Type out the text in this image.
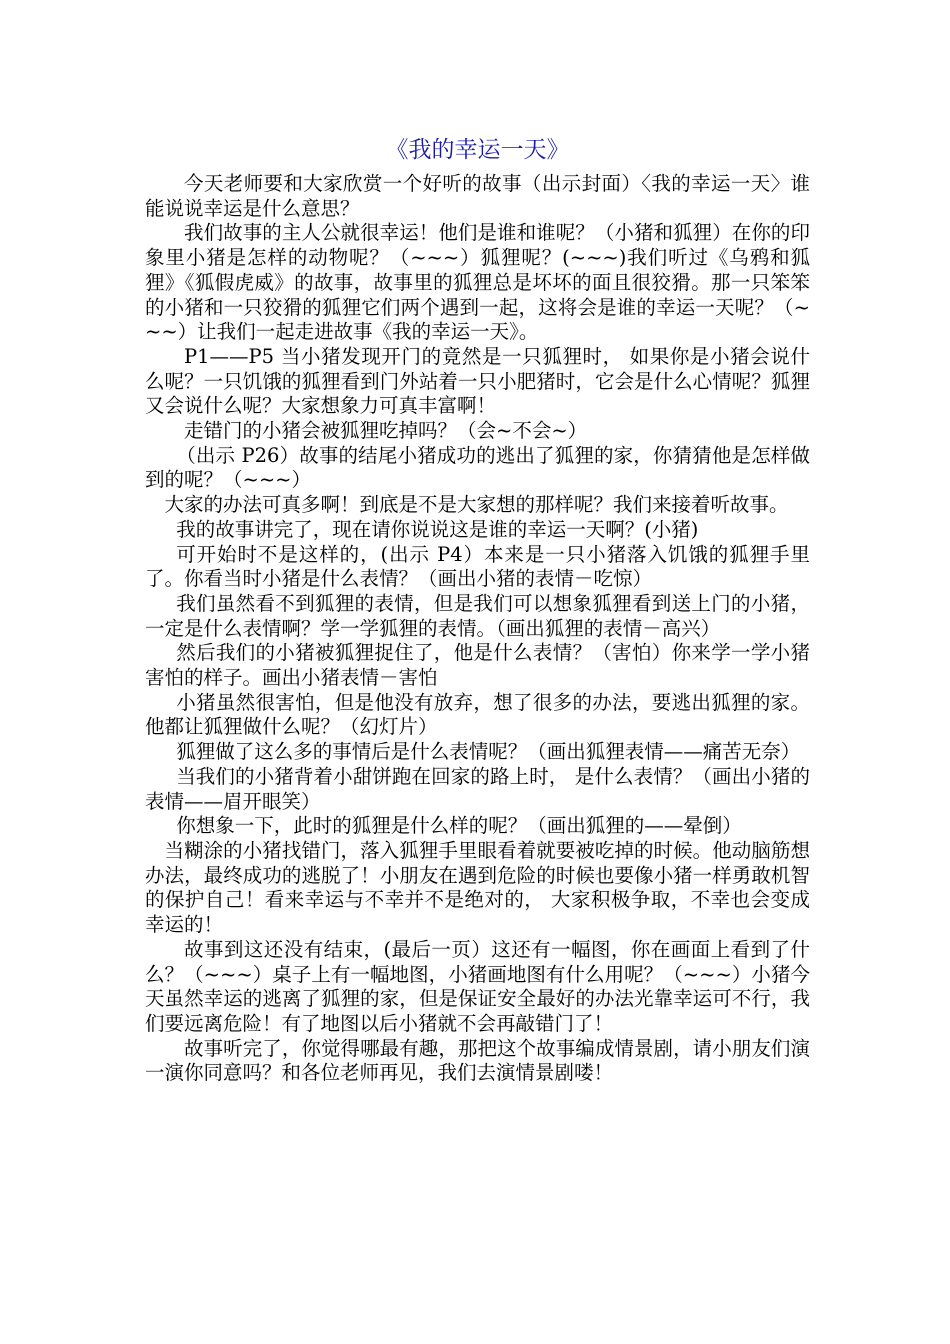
《我的幸运一天》

今天老师要和大家欣赏一个好听的故事（出示封面）〈我的幸运一天〉谁能说说幸运是什么意思？

我们故事的主人公就很幸运！他们是谁和谁呢？（小猪和狐狸）在你的印象里小猪是怎样的动物呢？（~~~）狐狸呢？(~~~)我们听过《乌鸦和狐狸》《狐假虎威》的故事，故事里的狐狸总是坏坏的面且很狡猾。那一只笨笨的小猪和一只狡猾的狐狸它们两个遇到一起，这将会是谁的幸运一天呢？（~~~）让我们一起走进故事《我的幸运一天》。

P1——P5 当小猪发现开门的竟然是一只狐狸时， 如果你是小猪会说什么呢？一只饥饿的狐狸看到门外站着一只小肥猪时，它会是什么心情呢？狐狸又会说什么呢？大家想象力可真丰富啊！

走错门的小猪会被狐狸吃掉吗？（会~不会~）

（出示 P26）故事的结尾小猪成功的逃出了狐狸的家，你猜猜他是怎样做到的呢？（~~~）

大家的办法可真多啊！到底是不是大家想的那样呢？我们来接着听故事。

我的故事讲完了，现在请你说说这是谁的幸运一天啊？(小猪)

可开始时不是这样的，(出示 P4）本来是一只小猪落入饥饿的狐狸手里了。你看当时小猪是什么表情？（画出小猪的表情－吃惊）

我们虽然看不到狐狸的表情，但是我们可以想象狐狸看到送上门的小猪，一定是什么表情啊？学一学狐狸的表情。（画出狐狸的表情－高兴）

然后我们的小猪被狐狸捉住了，他是什么表情？（害怕）你来学一学小猪害怕的样子。画出小猪表情－害怕

小猪虽然很害怕，但是他没有放弃，想了很多的办法，要逃出狐狸的家。他都让狐狸做什么呢？（幻灯片）

狐狸做了这么多的事情后是什么表情呢？（画出狐狸表情——痛苦无奈）

当我们的小猪背着小甜饼跑在回家的路上时， 是什么表情？（画出小猪的表情——眉开眼笑）

你想象一下，此时的狐狸是什么样的呢？（画出狐狸的——晕倒）

当糊涂的小猪找错门，落入狐狸手里眼看着就要被吃掉的时候。他动脑筋想办法，最终成功的逃脱了！小朋友在遇到危险的时候也要像小猪一样勇敢机智的保护自己！看来幸运与不幸并不是绝对的， 大家积极争取，不幸也会变成幸运的！

故事到这还没有结束，(最后一页）这还有一幅图，你在画面上看到了什么？（~~~）桌子上有一幅地图，小猪画地图有什么用呢？（~~~）小猪今天虽然幸运的逃离了狐狸的家，但是保证安全最好的办法光靠幸运可不行，我们要远离危险！有了地图以后小猪就不会再敲错门了！

故事听完了，你觉得哪最有趣，那把这个故事编成情景剧，请小朋友们演一演你同意吗？和各位老师再见，我们去演情景剧喽！
